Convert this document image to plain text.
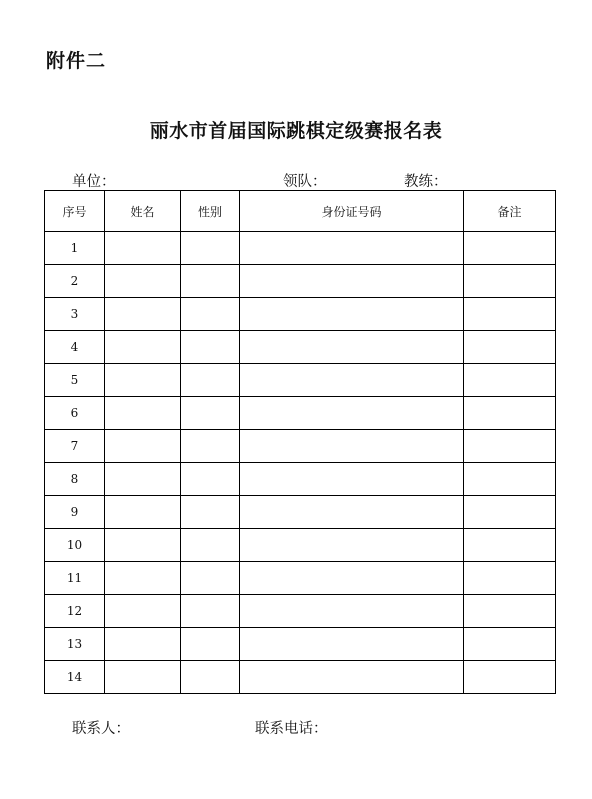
附件二
丽水市首届国际跳棋定级赛报名表
单位：	领队：	教练：
序号	姓名	性别	身份证号码	备注
1				
2				
3				
4				
5				
6				
7				
8				
9				
10				
11				
12				
13				
14				
联系人：	联系电话：
